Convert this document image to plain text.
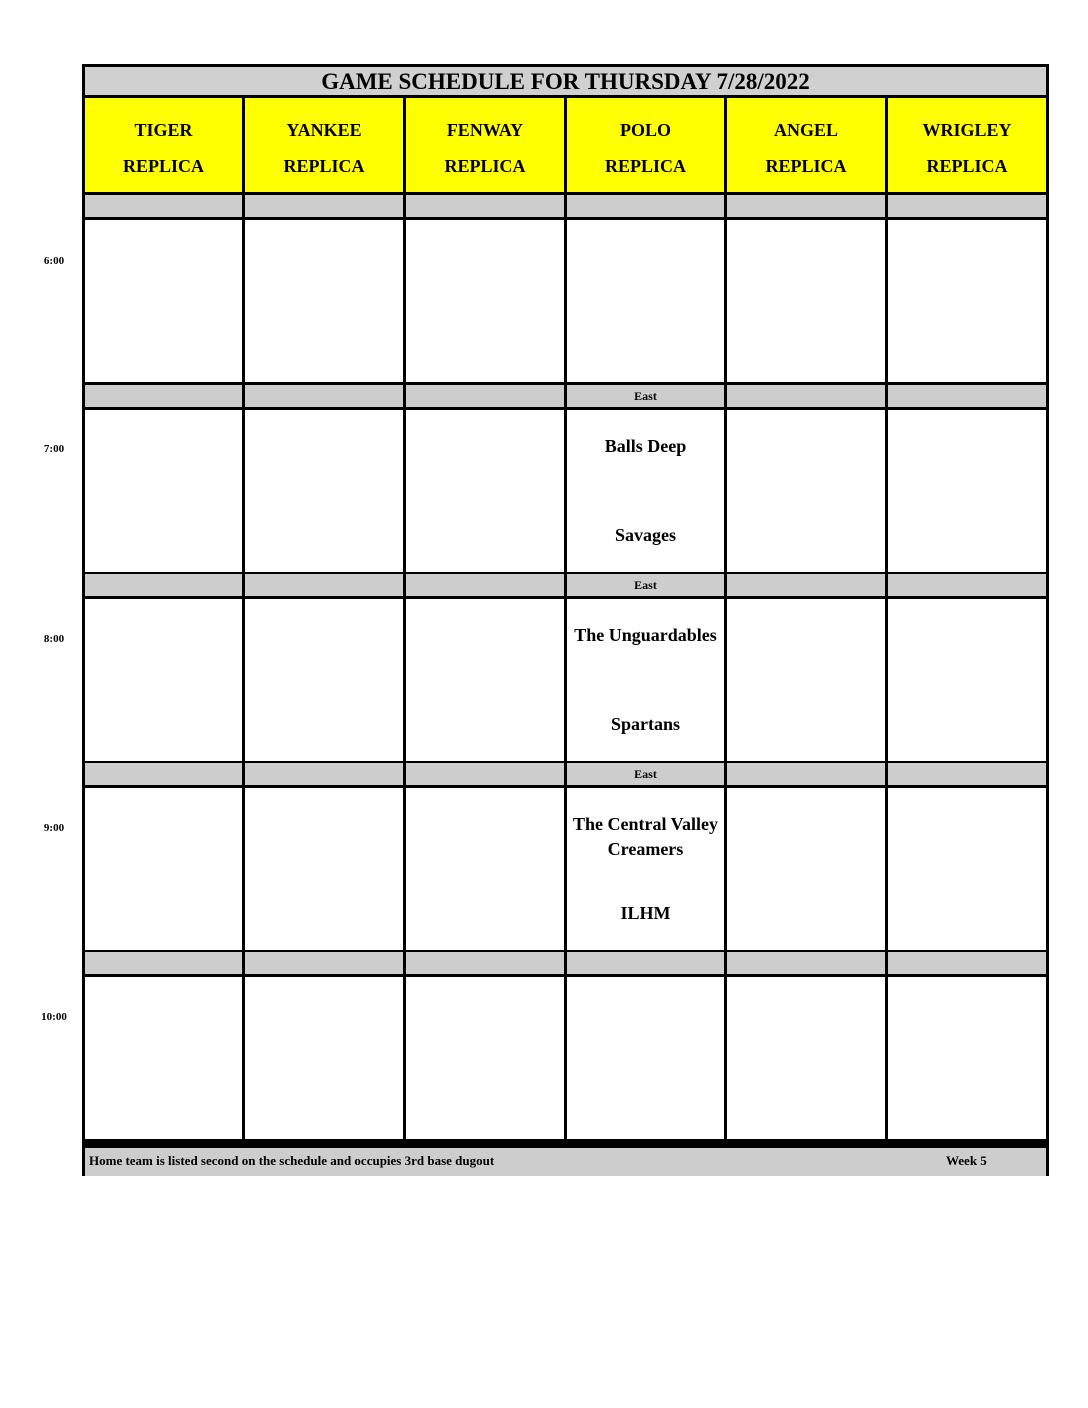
6:00
7:00
8:00
9:00
10:00
GAME SCHEDULE FOR THURSDAY 7/28/2022
TIGER
REPLICA
YANKEE
REPLICA
FENWAY
REPLICA
POLO
REPLICA
ANGEL
REPLICA
WRIGLEY
REPLICA
East
Balls Deep
Savages
East
The Unguardables
Spartans
East
The Central Valley Creamers
ILHM
Home team is listed second on the schedule and occupies 3rd base dugout	Week 5
